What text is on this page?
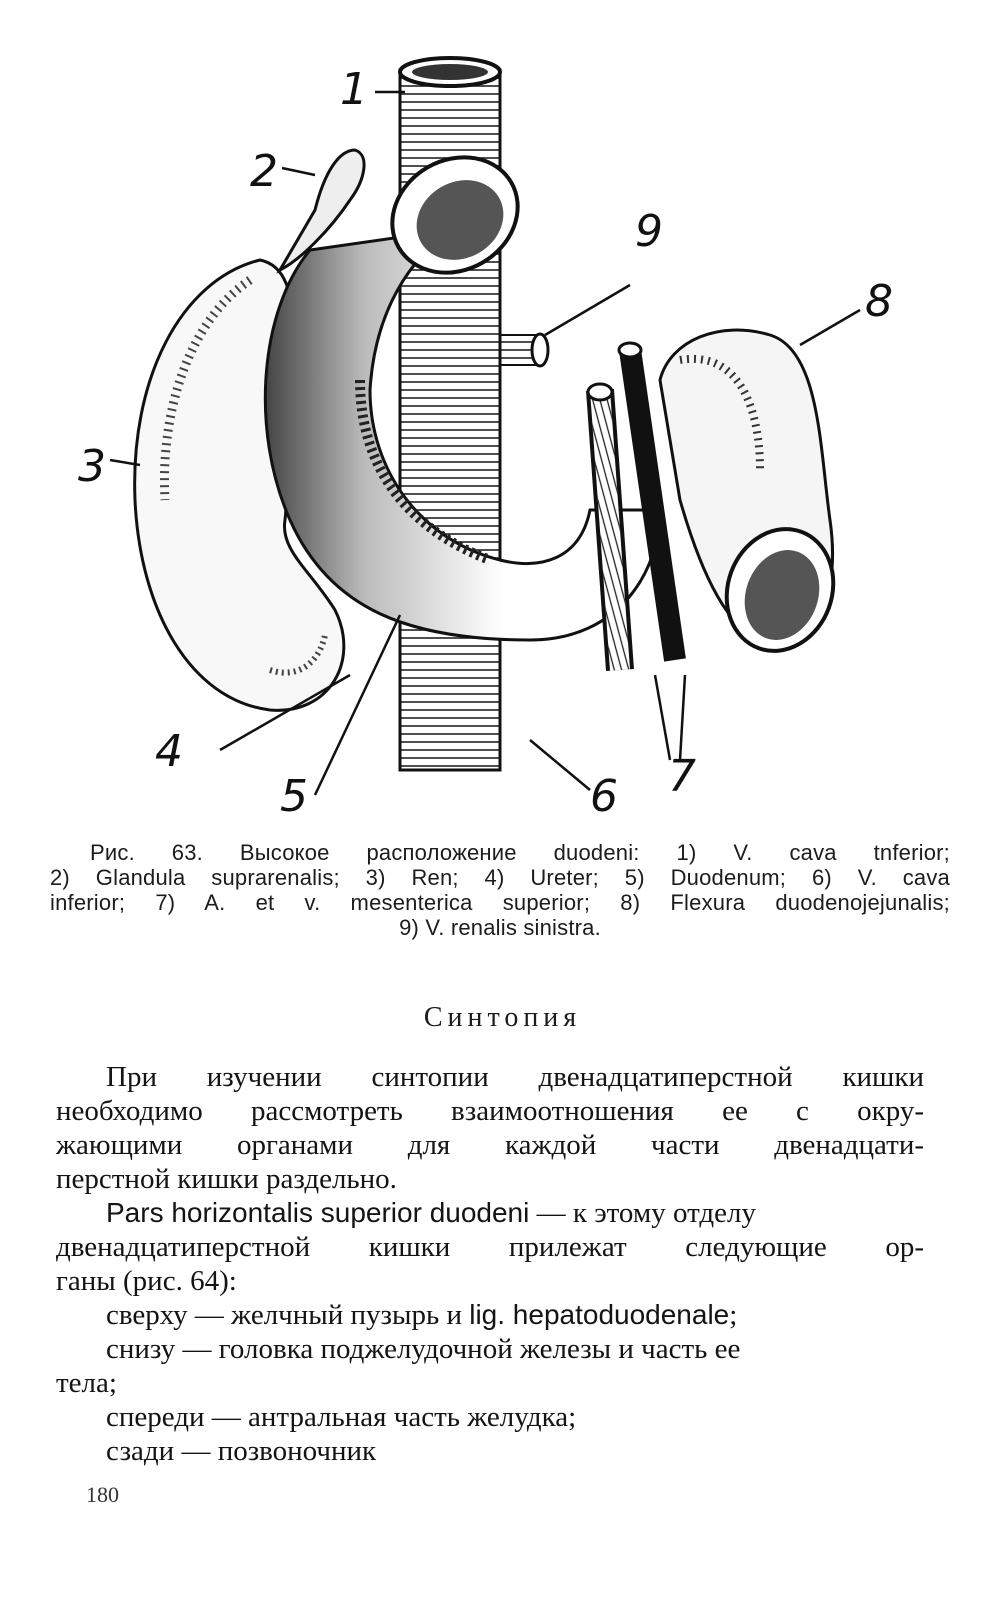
1
2
3
4
5	6 7
8
9
Рис. 63. Высокое расположение duodeni: 1) V. cava tnferior;
2) Glandula suprarenalis; 3) Ren; 4) Ureter; 5) Duodenum; 6) V. cava
inferior; 7) A. et v. mesenterica superior; 8) Flexura duodenojejunalis;
9) V. renalis sinistra.
Синтопия
При изучении синтопии двенадцатиперстной кишки
необходимо рассмотреть взаимоотношения ее с окру-
жающими органами для каждой части двенадцати-
перстной кишки раздельно.
Pars horizontalis superior duodeni — к этому отделу
двенадцатиперстной кишки прилежат следующие ор-
ганы (рис. 64):
сверху — желчный пузырь и lig. hepatoduodenale;
снизу — головка поджелудочной железы и часть ее
тела;
спереди — антральная часть желудка;
сзади — позвоночник
180
